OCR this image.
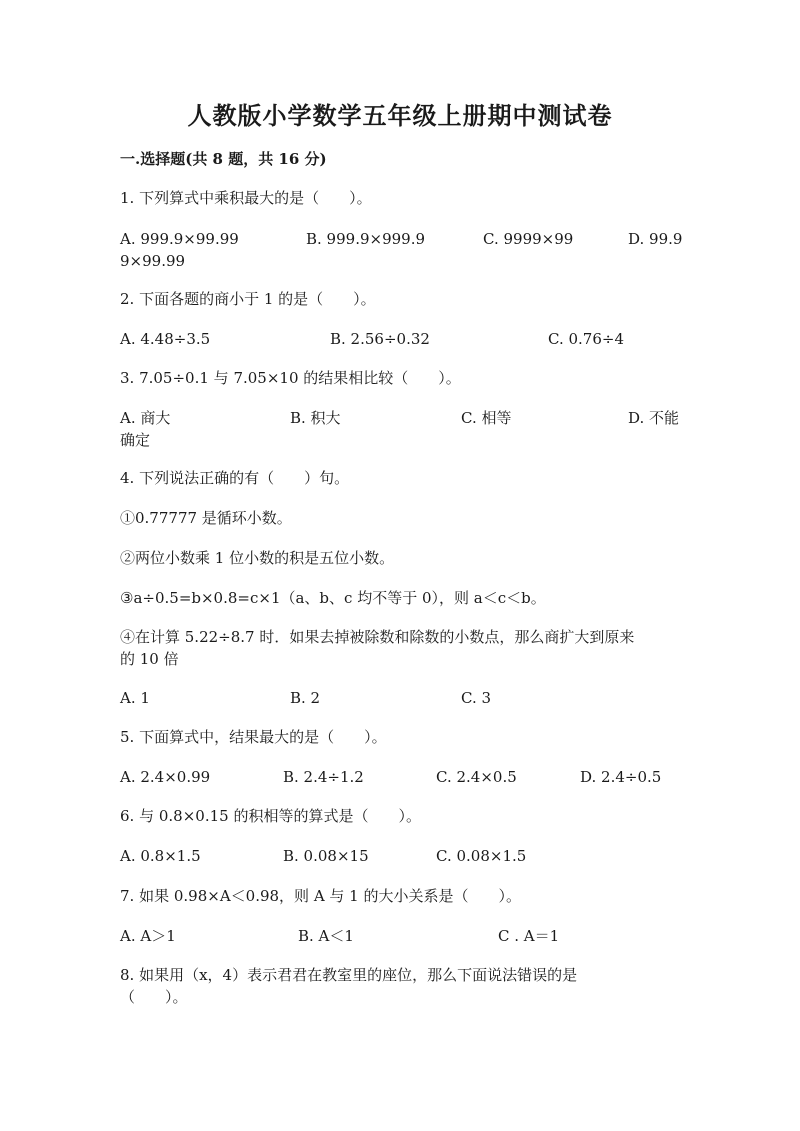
人教版小学数学五年级上册期中测试卷
一.选择题(共 8 题，共 16 分)
1. 下列算式中乘积最大的是（　　）。
A. 999.9×99.99	B. 999.9×999.9	C. 9999×99	D. 99.9
9×99.99
2. 下面各题的商小于 1 的是（　　）。
A. 4.48÷3.5	B. 2.56÷0.32	C. 0.76÷4
3. 7.05÷0.1 与 7.05×10 的结果相比较（　　）。
A. 商大	B. 积大	C. 相等	D. 不能
确定
4. 下列说法正确的有（　　）句。
①0.77777 是循环小数。
②两位小数乘 1 位小数的积是五位小数。
③a÷0.5=b×0.8=c×1（a、b、c 均不等于 0），则 a＜c＜b。
④在计算 5.22÷8.7 时．如果去掉被除数和除数的小数点，那么商扩大到原来
的 10 倍
A. 1	B. 2	C. 3
5. 下面算式中，结果最大的是（　　）。
A. 2.4×0.99	B. 2.4÷1.2	C. 2.4×0.5	D. 2.4÷0.5
6. 与 0.8×0.15 的积相等的算式是（　　）。
A. 0.8×1.5	B. 0.08×15	C. 0.08×1.5
7. 如果 0.98×A＜0.98，则 A 与 1 的大小关系是（　　）。
A. A＞1	B. A＜1	C . A＝1
8. 如果用（x，4）表示君君在教室里的座位，那么下面说法错误的是
（　　）。
